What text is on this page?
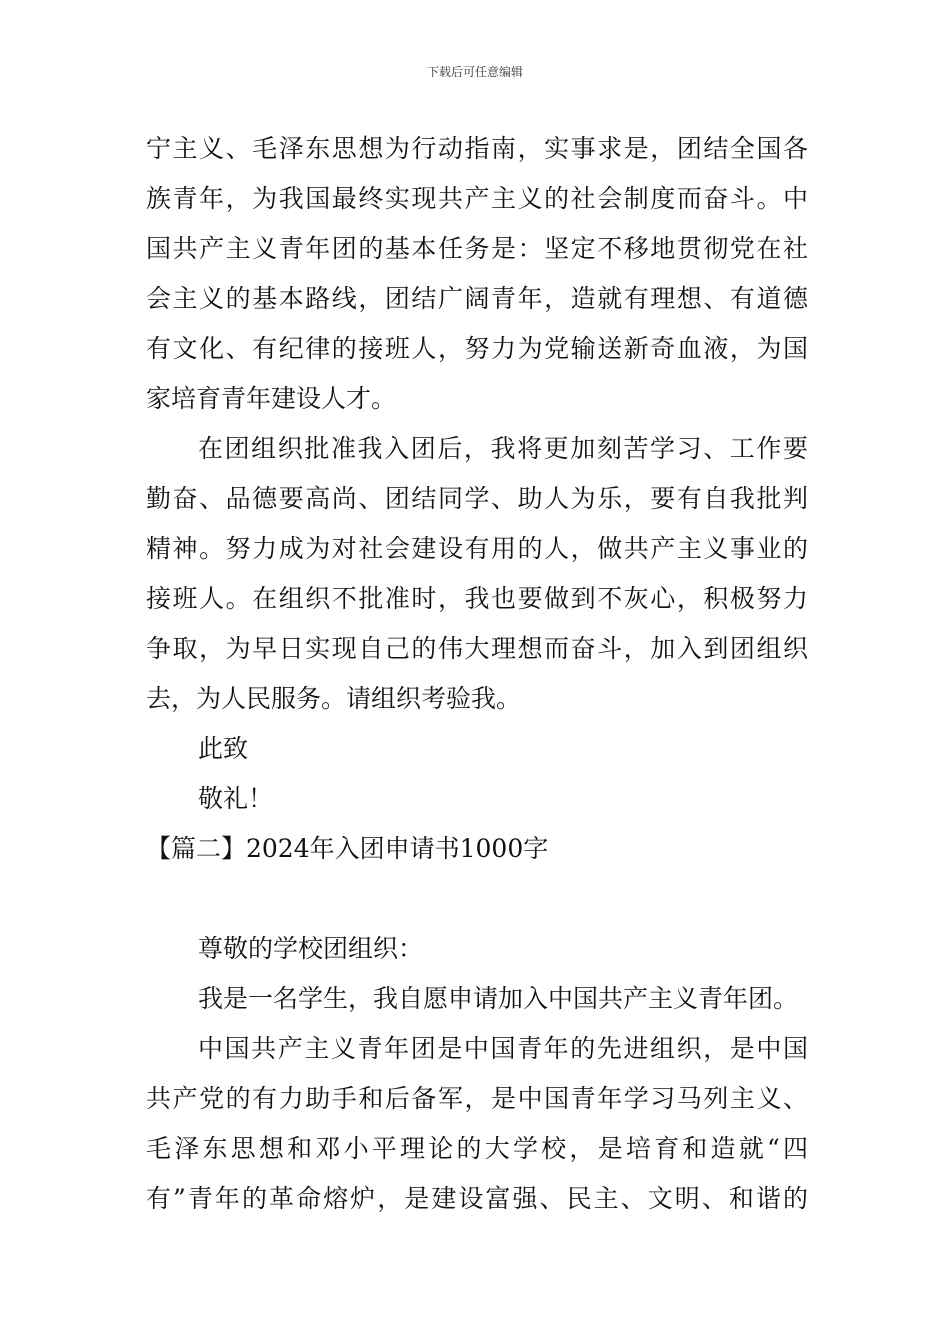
下载后可任意编辑
宁主义、毛泽东思想为行动指南，实事求是，团结全国各
族青年，为我国最终实现共产主义的社会制度而奋斗。中
国共产主义青年团的基本任务是：坚定不移地贯彻党在社
会主义的基本路线，团结广阔青年，造就有理想、有道德
有文化、有纪律的接班人，努力为党输送新奇血液，为国
家培育青年建设人才。
在团组织批准我入团后，我将更加刻苦学习、工作要
勤奋、品德要高尚、团结同学、助人为乐，要有自我批判
精神。努力成为对社会建设有用的人，做共产主义事业的
接班人。在组织不批准时，我也要做到不灰心，积极努力
争取，为早日实现自己的伟大理想而奋斗，加入到团组织
去，为人民服务。请组织考验我。
此致
敬礼！
【篇二】2024年入团申请书1000字
尊敬的学校团组织：
我是一名学生，我自愿申请加入中国共产主义青年团。
中国共产主义青年团是中国青年的先进组织，是中国
共产党的有力助手和后备军，是中国青年学习马列主义、
毛泽东思想和邓小平理论的大学校，是培育和造就“四
有”青年的革命熔炉，是建设富强、民主、文明、和谐的
